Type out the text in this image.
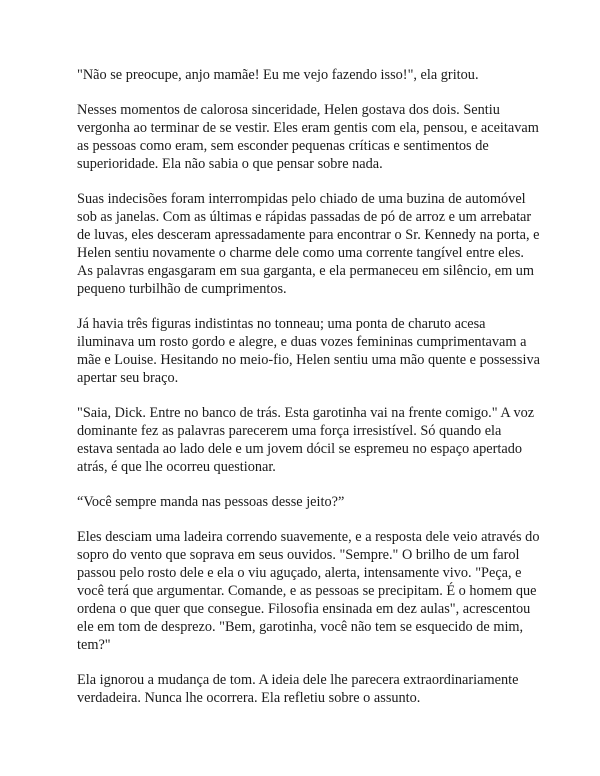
"Não se preocupe, anjo mamãe! Eu me vejo fazendo isso!", ela gritou.

Nesses momentos de calorosa sinceridade, Helen gostava dos dois. Sentiu vergonha ao terminar de se vestir. Eles eram gentis com ela, pensou, e aceitavam as pessoas como eram, sem esconder pequenas críticas e sentimentos de superioridade. Ela não sabia o que pensar sobre nada.

Suas indecisões foram interrompidas pelo chiado de uma buzina de automóvel sob as janelas. Com as últimas e rápidas passadas de pó de arroz e um arrebatar de luvas, eles desceram apressadamente para encontrar o Sr. Kennedy na porta, e Helen sentiu novamente o charme dele como uma corrente tangível entre eles. As palavras engasgaram em sua garganta, e ela permaneceu em silêncio, em um pequeno turbilhão de cumprimentos.

Já havia três figuras indistintas no tonneau; uma ponta de charuto acesa iluminava um rosto gordo e alegre, e duas vozes femininas cumprimentavam a mãe e Louise. Hesitando no meio-fio, Helen sentiu uma mão quente e possessiva apertar seu braço.

"Saia, Dick. Entre no banco de trás. Esta garotinha vai na frente comigo." A voz dominante fez as palavras parecerem uma força irresistível. Só quando ela estava sentada ao lado dele e um jovem dócil se espremeu no espaço apertado atrás, é que lhe ocorreu questionar.

“Você sempre manda nas pessoas desse jeito?”

Eles desciam uma ladeira correndo suavemente, e a resposta dele veio através do sopro do vento que soprava em seus ouvidos. "Sempre." O brilho de um farol passou pelo rosto dele e ela o viu aguçado, alerta, intensamente vivo. "Peça, e você terá que argumentar. Comande, e as pessoas se precipitam. É o homem que ordena o que quer que consegue. Filosofia ensinada em dez aulas", acrescentou ele em tom de desprezo. "Bem, garotinha, você não tem se esquecido de mim, tem?"

Ela ignorou a mudança de tom. A ideia dele lhe parecera extraordinariamente verdadeira. Nunca lhe ocorrera. Ela refletiu sobre o assunto.
